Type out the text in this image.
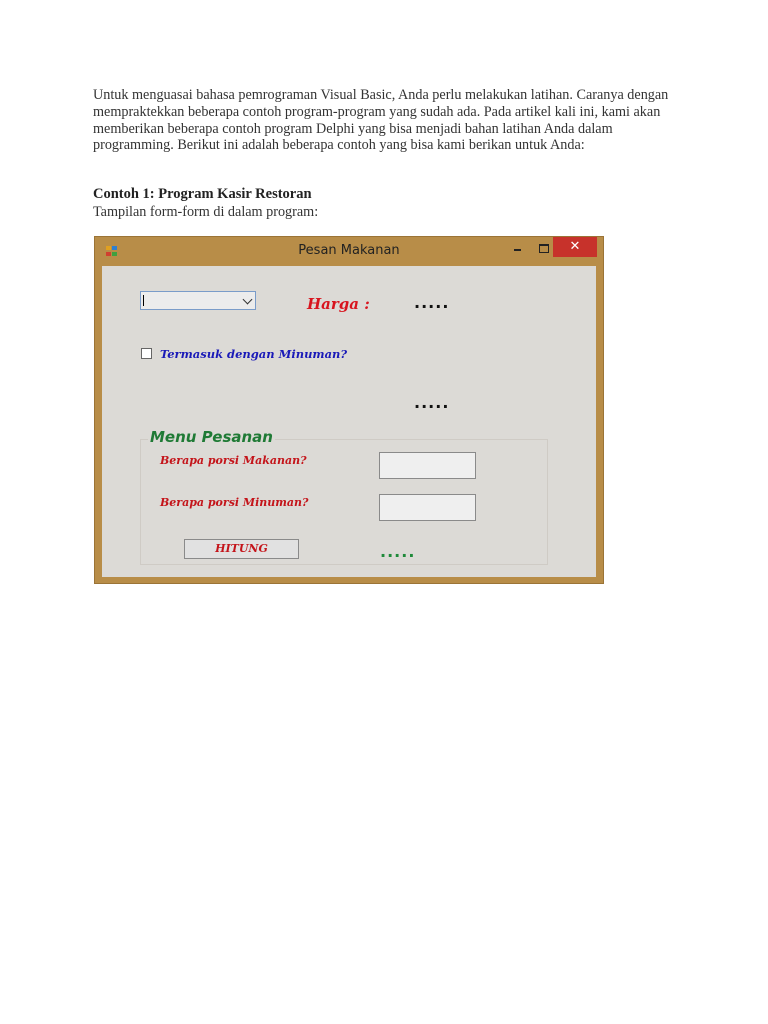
Untuk menguasai bahasa pemrograman Visual Basic, Anda perlu melakukan latihan. Caranya dengan mempraktekkan beberapa contoh program-program yang sudah ada. Pada artikel kali ini, kami akan memberikan beberapa contoh program Delphi yang bisa menjadi bahan latihan Anda dalam programming. Berikut ini adalah beberapa contoh yang bisa kami berikan untuk Anda:

Contoh 1: Program Kasir Restoran

Tampilan form-form di dalam program:

Pesan Makanan	✕
Harga :	.....
Termasuk dengan Minuman?
.....
Menu Pesanan
Berapa porsi Makanan?
Berapa porsi Minuman?
HITUNG	.....
